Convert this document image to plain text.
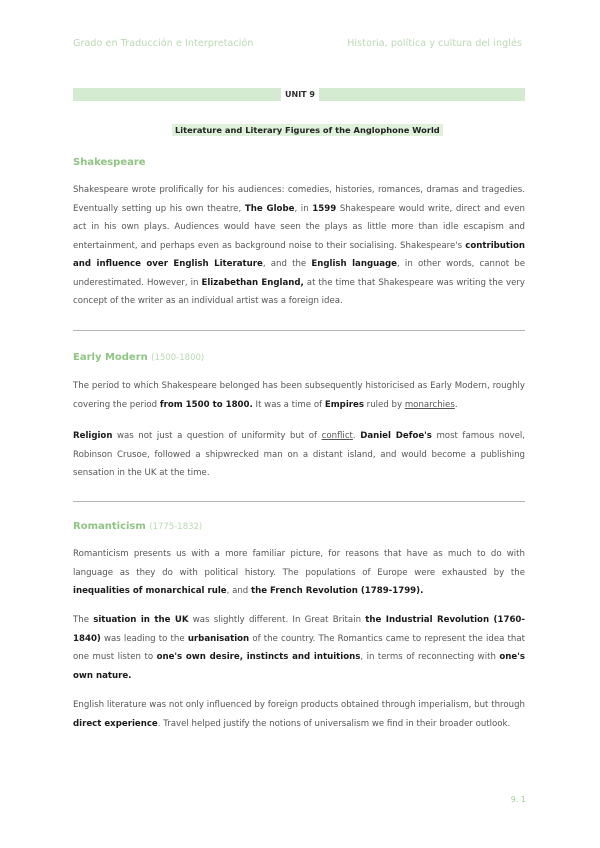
Grado en Traducción e Interpretación	Historia, política y cultura del inglés
UNIT 9
Literature and Literary Figures of the Anglophone World
Shakespeare

Shakespeare wrote prolifically for his audiences: comedies, histories, romances, dramas and tragedies. Eventually setting up his own theatre, The Globe, in 1599 Shakespeare would write, direct and even act in his own plays. Audiences would have seen the plays as little more than idle escapism and entertainment, and perhaps even as background noise to their socialising. Shakespeare's contribution and influence over English Literature, and the English language, in other words, cannot be underestimated. However, in Elizabethan England, at the time that Shakespeare was writing the very concept of the writer as an individual artist was a foreign idea.

Early Modern (1500-1800)

The period to which Shakespeare belonged has been subsequently historicised as Early Modern, roughly covering the period from 1500 to 1800. It was a time of Empires ruled by monarchies.

Religion was not just a question of uniformity but of conflict. Daniel Defoe's most famous novel, Robinson Crusoe, followed a shipwrecked man on a distant island, and would become a publishing sensation in the UK at the time.

Romanticism (1775-1832)

Romanticism presents us with a more familiar picture, for reasons that have as much to do with language as they do with political history. The populations of Europe were exhausted by the inequalities of monarchical rule, and the French Revolution (1789-1799).

The situation in the UK was slightly different. In Great Britain the Industrial Revolution (1760-1840) was leading to the urbanisation of the country. The Romantics came to represent the idea that one must listen to one's own desire, instincts and intuitions, in terms of reconnecting with one's own nature.

English literature was not only influenced by foreign products obtained through imperialism, but through direct experience. Travel helped justify the notions of universalism we find in their broader outlook.

9. 1
